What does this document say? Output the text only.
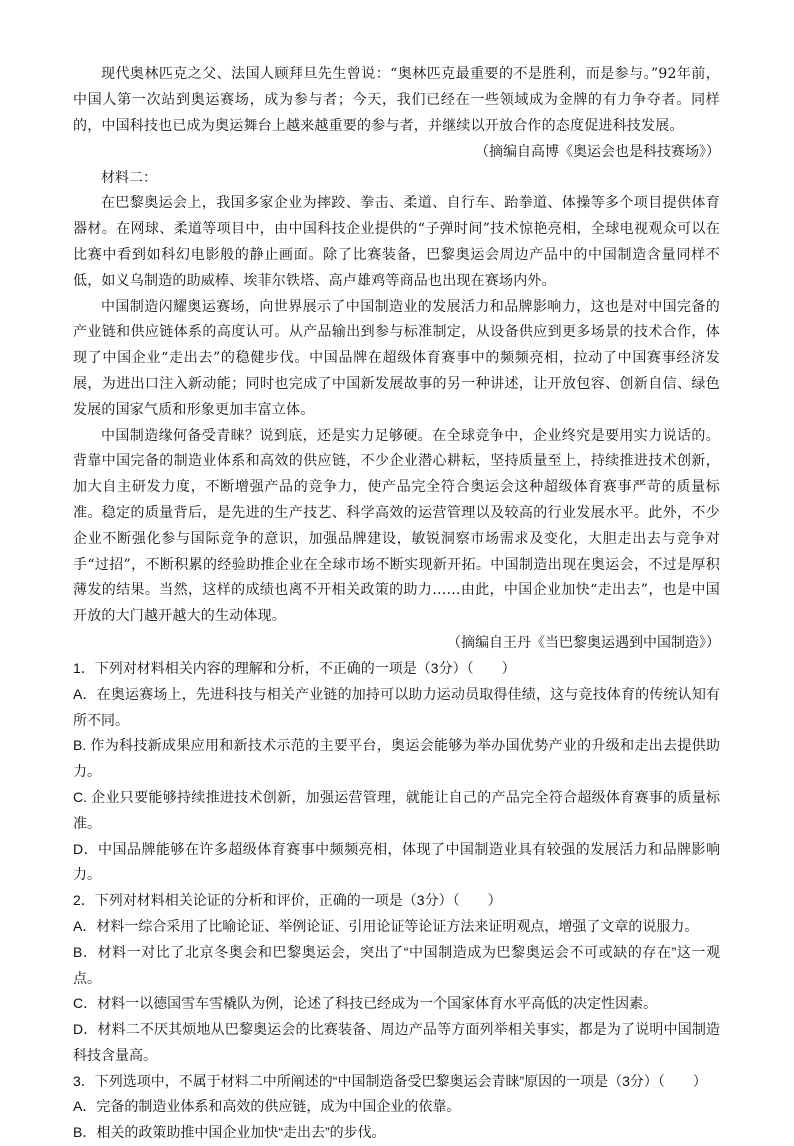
现代奥林匹克之父、法国人顾拜旦先生曾说：“奥林匹克最重要的不是胜利，而是参与。”92年前，中国人第一次站到奥运赛场，成为参与者；今天，我们已经在一些领域成为金牌的有力争夺者。同样的，中国科技也已成为奥运舞台上越来越重要的参与者，并继续以开放合作的态度促进科技发展。

（摘编自高博《奥运会也是科技赛场》）

材料二：

在巴黎奥运会上，我国多家企业为摔跤、拳击、柔道、自行车、跆拳道、体操等多个项目提供体育器材。在网球、柔道等项目中，由中国科技企业提供的“子弹时间”技术惊艳亮相，全球电视观众可以在比赛中看到如科幻电影般的静止画面。除了比赛装备，巴黎奥运会周边产品中的中国制造含量同样不低，如义乌制造的助威棒、埃菲尔铁塔、高卢雄鸡等商品也出现在赛场内外。

中国制造闪耀奥运赛场，向世界展示了中国制造业的发展活力和品牌影响力，这也是对中国完备的产业链和供应链体系的高度认可。从产品输出到参与标准制定，从设备供应到更多场景的技术合作，体现了中国企业“走出去”的稳健步伐。中国品牌在超级体育赛事中的频频亮相，拉动了中国赛事经济发展，为进出口注入新动能；同时也完成了中国新发展故事的另一种讲述，让开放包容、创新自信、绿色发展的国家气质和形象更加丰富立体。

中国制造缘何备受青睐？说到底，还是实力足够硬。在全球竞争中，企业终究是要用实力说话的。背靠中国完备的制造业体系和高效的供应链，不少企业潜心耕耘，坚持质量至上，持续推进技术创新，加大自主研发力度，不断增强产品的竞争力，使产品完全符合奥运会这种超级体育赛事严苛的质量标准。稳定的质量背后，是先进的生产技艺、科学高效的运营管理以及较高的行业发展水平。此外，不少企业不断强化参与国际竞争的意识，加强品牌建设，敏锐洞察市场需求及变化，大胆走出去与竞争对手“过招”，不断积累的经验助推企业在全球市场不断实现新开拓。中国制造出现在奥运会，不过是厚积薄发的结果。当然，这样的成绩也离不开相关政策的助力……由此，中国企业加快“走出去”，也是中国开放的大门越开越大的生动体现。

（摘编自王丹《当巴黎奥运遇到中国制造》）

1．下列对材料相关内容的理解和分析，不正确的一项是（3分）（　　）

A．在奥运赛场上，先进科技与相关产业链的加持可以助力运动员取得佳绩，这与竞技体育的传统认知有所不同。

B. 作为科技新成果应用和新技术示范的主要平台，奥运会能够为举办国优势产业的升级和走出去提供助力。

C. 企业只要能够持续推进技术创新，加强运营管理，就能让自己的产品完全符合超级体育赛事的质量标准。

D．中国品牌能够在许多超级体育赛事中频频亮相，体现了中国制造业具有较强的发展活力和品牌影响力。

2．下列对材料相关论证的分析和评价，正确的一项是（3分）（　　）

A．材料一综合采用了比喻论证、举例论证、引用论证等论证方法来证明观点，增强了文章的说服力。

B．材料一对比了北京冬奥会和巴黎奥运会，突出了“中国制造成为巴黎奥运会不可或缺的存在”这一观点。

C．材料一以德国雪车雪橇队为例，论述了科技已经成为一个国家体育水平高低的决定性因素。

D．材料二不厌其烦地从巴黎奥运会的比赛装备、周边产品等方面列举相关事实，都是为了说明中国制造科技含量高。

3．下列选项中，不属于材料二中所阐述的“中国制造备受巴黎奥运会青睐”原因的一项是（3分）（　　）

A．完备的制造业体系和高效的供应链，成为中国企业的依靠。

B．相关的政策助推中国企业加快“走出去”的步伐。
